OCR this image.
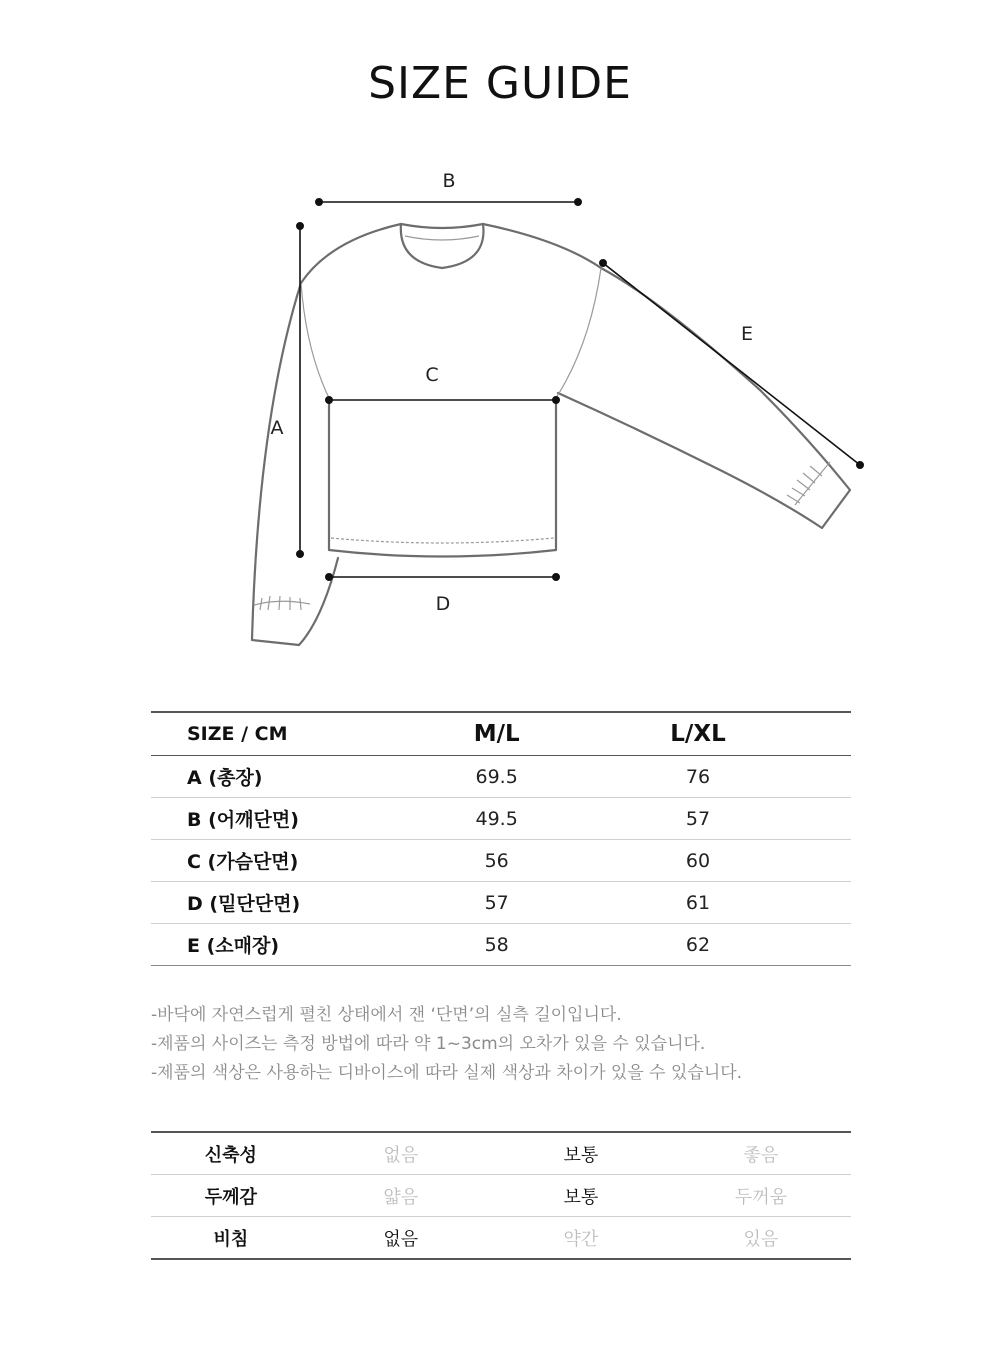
SIZE GUIDE
B
A
C
D
E
SIZE / CM	M/L	L/XL
A (총장)	69.5	76
B (어깨단면)	49.5	57
C (가슴단면)	56	60
D (밑단단면)	57	61
E (소매장)	58	62
-바닥에 자연스럽게 펼친 상태에서 잰 ‘단면’의 실측 길이입니다.
-제품의 사이즈는 측정 방법에 따라 약 1~3cm의 오차가 있을 수 있습니다.
-제품의 색상은 사용하는 디바이스에 따라 실제 색상과 차이가 있을 수 있습니다.
신축성	없음	보통	좋음
두께감	얇음	보통	두꺼움
비침	없음	약간	있음
